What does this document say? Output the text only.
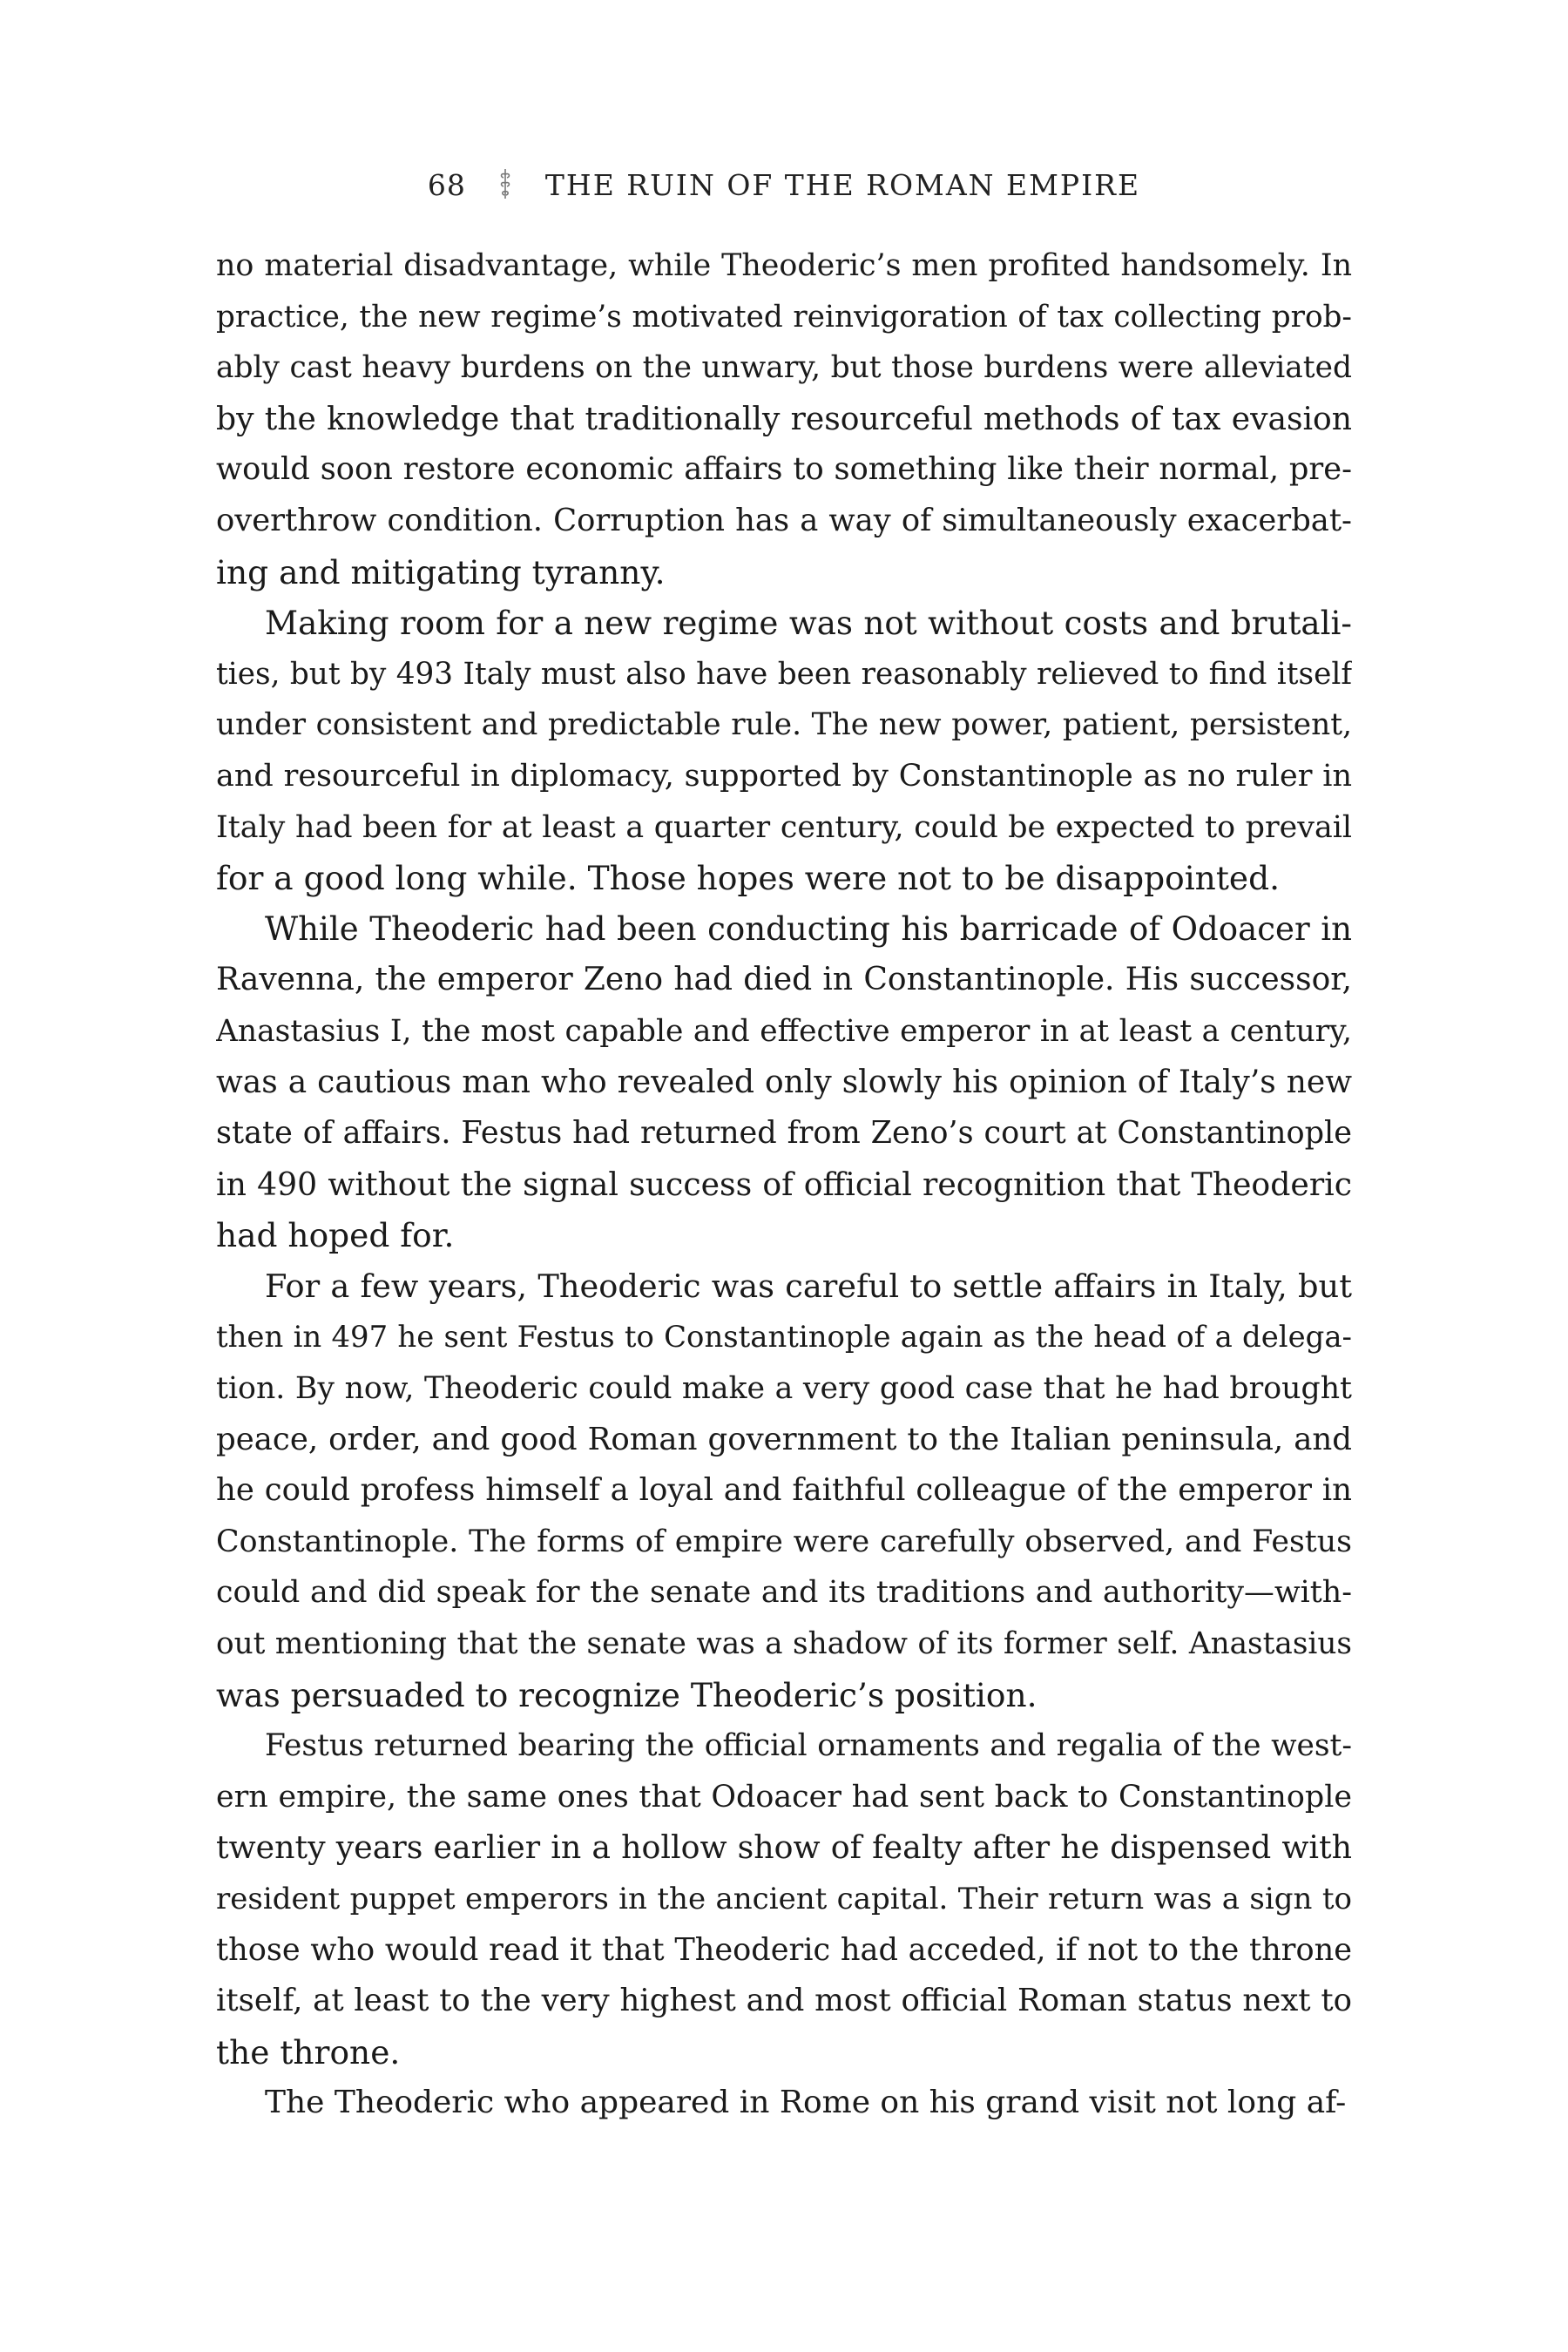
68	THE RUIN OF THE ROMAN EMPIRE
no material disadvantage, while Theoderic’s men profited handsomely. In
practice, the new regime’s motivated reinvigoration of tax collecting prob-
ably cast heavy burdens on the unwary, but those burdens were alleviated
by the knowledge that traditionally resourceful methods of tax evasion
would soon restore economic affairs to something like their normal, pre-
overthrow condition. Corruption has a way of simultaneously exacerbat-
ing and mitigating tyranny.
Making room for a new regime was not without costs and brutali-
ties, but by 493 Italy must also have been reasonably relieved to find itself
under consistent and predictable rule. The new power, patient, persistent,
and resourceful in diplomacy, supported by Constantinople as no ruler in
Italy had been for at least a quarter century, could be expected to prevail
for a good long while. Those hopes were not to be disappointed.
While Theoderic had been conducting his barricade of Odoacer in
Ravenna, the emperor Zeno had died in Constantinople. His successor,
Anastasius I, the most capable and effective emperor in at least a century,
was a cautious man who revealed only slowly his opinion of Italy’s new
state of affairs. Festus had returned from Zeno’s court at Constantinople
in 490 without the signal success of official recognition that Theoderic
had hoped for.
For a few years, Theoderic was careful to settle affairs in Italy, but
then in 497 he sent Festus to Constantinople again as the head of a delega-
tion. By now, Theoderic could make a very good case that he had brought
peace, order, and good Roman government to the Italian peninsula, and
he could profess himself a loyal and faithful colleague of the emperor in
Constantinople. The forms of empire were carefully observed, and Festus
could and did speak for the senate and its traditions and authority—with-
out mentioning that the senate was a shadow of its former self. Anastasius
was persuaded to recognize Theoderic’s position.
Festus returned bearing the official ornaments and regalia of the west-
ern empire, the same ones that Odoacer had sent back to Constantinople
twenty years earlier in a hollow show of fealty after he dispensed with
resident puppet emperors in the ancient capital. Their return was a sign to
those who would read it that Theoderic had acceded, if not to the throne
itself, at least to the very highest and most official Roman status next to
the throne.
The Theoderic who appeared in Rome on his grand visit not long af-
